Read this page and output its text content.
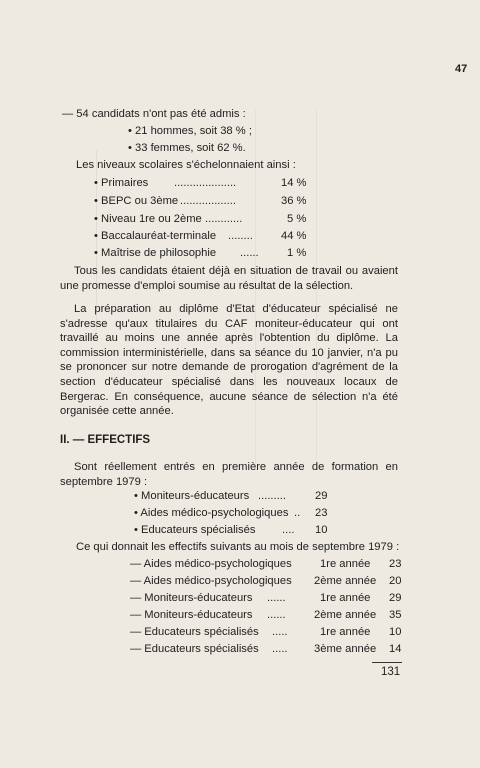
47
— 54 candidats n'ont pas été admis :
• 21 hommes, soit 38 % ;
• 33 femmes, soit 62 %.
Les niveaux scolaires s'échelonnaient ainsi :
• Primaires ....................	14 %
• BEPC ou 3ème ..................	36 %
• Niveau 1re ou 2ème ............	5 %
• Baccalauréat-terminale ........	44 %
• Maîtrise de philosophie ......	1 %
Tous les candidats étaient déjà en situation de travail ou avaient une promesse d'emploi soumise au résultat de la sélection.
La préparation au diplôme d'Etat d'éducateur spécialisé ne s'adresse qu'aux titulaires du CAF moniteur-éducateur qui ont travaillé au moins une année après l'obtention du diplôme. La commission interministérielle, dans sa séance du 10 janvier, n'a pu se prononcer sur notre demande de prorogation d'agrément de la section d'éducateur spécialisé dans les nouveaux locaux de Bergerac. En conséquence, aucune séance de sélection n'a été organisée cette année.
II. — EFFECTIFS
Sont réellement entrés en première année de formation en septembre 1979 :
• Moniteurs-éducateurs .........	29
• Aides médico-psychologiques .. 23
• Educateurs spécialisés .... 10
Ce qui donnait les effectifs suivants au mois de septembre 1979 :
— Aides médico-psychologiques	1re année 23
— Aides médico-psychologiques 2ème année 20
— Moniteurs-éducateurs ......	1re année 29
— Moniteurs-éducateurs ......	2ème année 35
— Educateurs spécialisés .....	1re année 10
— Educateurs spécialisés ..... 3ème année 14
131
